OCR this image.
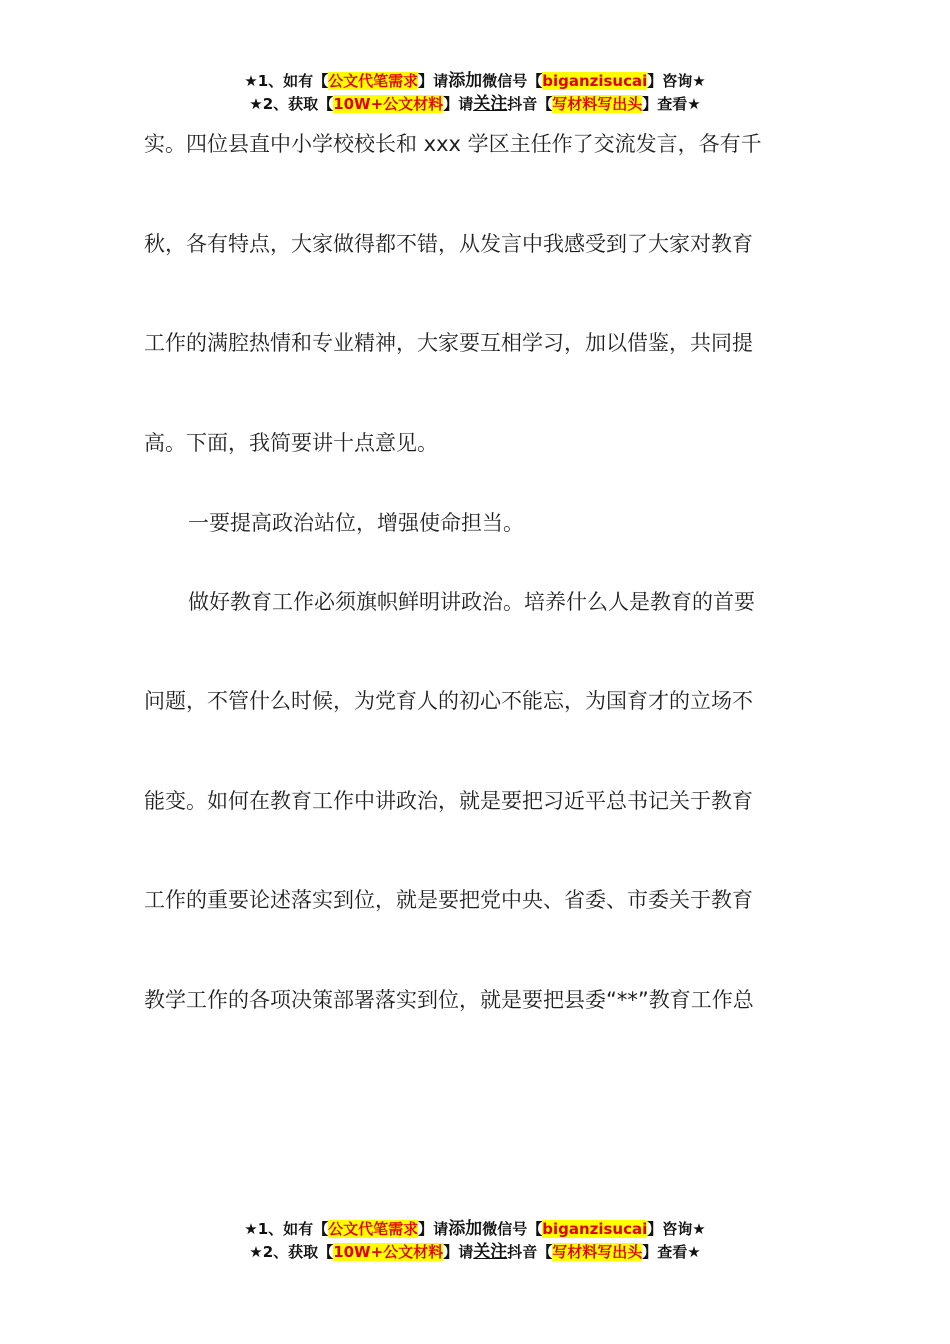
★1、如有【公文代笔需求】请添加微信号【biganzisucai】咨询★
★2、获取【10W+公文材料】请关注抖音【写材料写出头】查看★
实。四位县直中小学校校长和 xxx 学区主任作了交流发言，各有千
秋，各有特点，大家做得都不错，从发言中我感受到了大家对教育
工作的满腔热情和专业精神，大家要互相学习，加以借鉴，共同提
高。下面，我简要讲十点意见。
一要提高政治站位，增强使命担当。
做好教育工作必须旗帜鲜明讲政治。培养什么人是教育的首要
问题，不管什么时候，为党育人的初心不能忘，为国育才的立场不
能变。如何在教育工作中讲政治，就是要把习近平总书记关于教育
工作的重要论述落实到位，就是要把党中央、省委、市委关于教育
教学工作的各项决策部署落实到位，就是要把县委“**”教育工作总
★1、如有【公文代笔需求】请添加微信号【biganzisucai】咨询★
★2、获取【10W+公文材料】请关注抖音【写材料写出头】查看★
